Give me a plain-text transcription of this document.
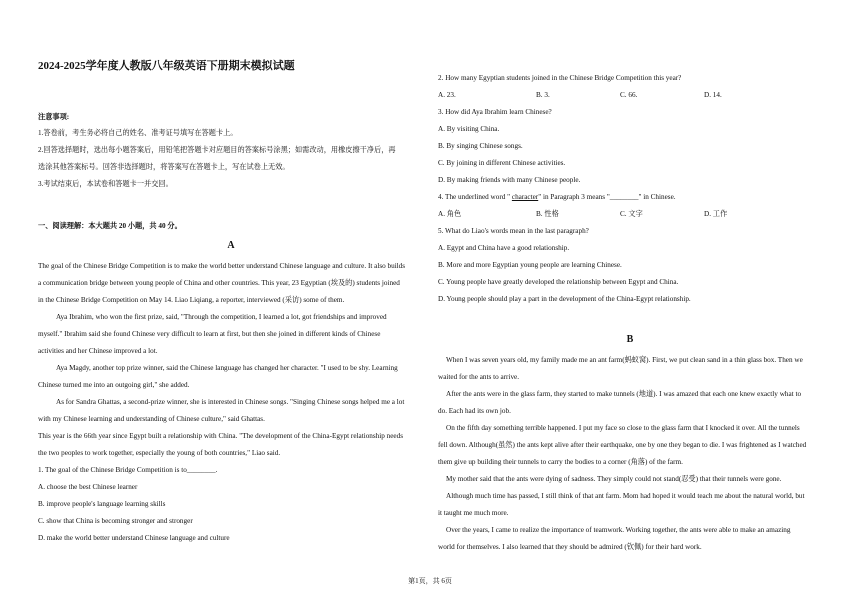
2024-2025学年度人教版八年级英语下册期末模拟试题
注意事项:
1.答卷前，考生务必将自己的姓名、准考证号填写在答题卡上。
2.回答选择题时，选出每小题答案后，用铅笔把答题卡对应题目的答案标号涂黑；如需改动，用橡皮擦干净后，再
选涂其他答案标号。回答非选择题时，将答案写在答题卡上，写在试卷上无效。
3.考试结束后，本试卷和答题卡一并交回。
一、阅读理解：本大题共 20 小题，共 40 分。
A
The goal of the Chinese Bridge Competition is to make the world better understand Chinese language and culture. It also builds
a communication bridge between young people of China and other countries. This year, 23 Egyptian (埃及的) students joined
in the Chinese Bridge Competition on May 14. Liao Liqiang, a reporter, interviewed (采访) some of them.
Aya Ibrahim, who won the first prize, said, "Through the competition, I learned a lot, got friendships and improved
myself." Ibrahim said she found Chinese very difficult to learn at first, but then she joined in different kinds of Chinese
activities and her Chinese improved a lot.
Aya Magdy, another top prize winner, said the Chinese language has changed her character. "I used to be shy. Learning
Chinese turned me into an outgoing girl," she added.
As for Sandra Ghattas, a second-prize winner, she is interested in Chinese songs. "Singing Chinese songs helped me a lot
with my Chinese learning and understanding of Chinese culture," said Ghattas.
This year is the 66th year since Egypt built a relationship with China. "The development of the China-Egypt relationship needs
the two peoples to work together, especially the young of both countries," Liao said.
1. The goal of the Chinese Bridge Competition is to________.
A. choose the best Chinese learner
B. improve people's language learning skills
C. show that China is becoming stronger and stronger
D. make the world better understand Chinese language and culture
2. How many Egyptian students joined in the Chinese Bridge Competition this year?
A. 23.	B. 3.	C. 66.	D. 14.
3. How did Aya Ibrahim learn Chinese?
A. By visiting China.
B. By singing Chinese songs.
C. By joining in different Chinese activities.
D. By making friends with many Chinese people.
4. The underlined word " character" in Paragraph 3 means "________" in Chinese.
A. 角色	B. 性格	C. 文字	D. 工作
5. What do Liao's words mean in the last paragraph?
A. Egypt and China have a good relationship.
B. More and more Egyptian young people are learning Chinese.
C. Young people have greatly developed the relationship between Egypt and China.
D. Young people should play a part in the development of the China-Egypt relationship.
B
When I was seven years old, my family made me an ant farm(蚂蚁窝). First, we put clean sand in a thin glass box. Then we
waited for the ants to arrive.
After the ants were in the glass farm, they started to make tunnels (地道). I was amazed that each one knew exactly what to
do. Each had its own job.
On the fifth day something terrible happened. I put my face so close to the glass farm that I knocked it over. All the tunnels
fell down. Although(虽然) the ants kept alive after their earthquake, one by one they began to die. I was frightened as I watched
them give up building their tunnels to carry the bodies to a corner (角落) of the farm.
My mother said that the ants were dying of sadness. They simply could not stand(忍受) that their tunnels were gone.
Although much time has passed, I still think of that ant farm. Mom had hoped it would teach me about the natural world, but
it taught me much more.
Over the years, I came to realize the importance of teamwork. Working together, the ants were able to make an amazing
world for themselves. I also learned that they should be admired (钦佩) for their hard work.
第1页，共 6页
